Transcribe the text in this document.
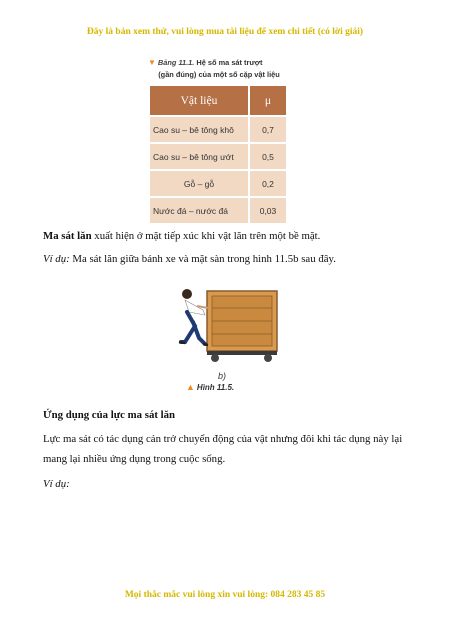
Đây là bản xem thử, vui lòng mua tài liệu để xem chi tiết (có lời giải)
▼ Bảng 11.1. Hệ số ma sát trượt
(gần đúng) của một số cặp vật liệu
Vật liệu	μ
Cao su – bê tông khô	0,7
Cao su – bê tông ướt	0,5
Gỗ – gỗ	0,2
Nước đá – nước đá	0,03
Ma sát lăn xuất hiện ở mặt tiếp xúc khi vật lăn trên một bề mặt.
Ví dụ: Ma sát lăn giữa bánh xe và mặt sàn trong hình 11.5b sau đây.
b)
▲ Hình 11.5.
Ứng dụng của lực ma sát lăn
Lực ma sát có tác dụng cản trở chuyển động của vật nhưng đôi khi tác dụng này lại mang lại nhiều ứng dụng trong cuộc sống.
Ví dụ:
Mọi thắc mắc vui lòng xin vui lòng: 084 283 45 85
